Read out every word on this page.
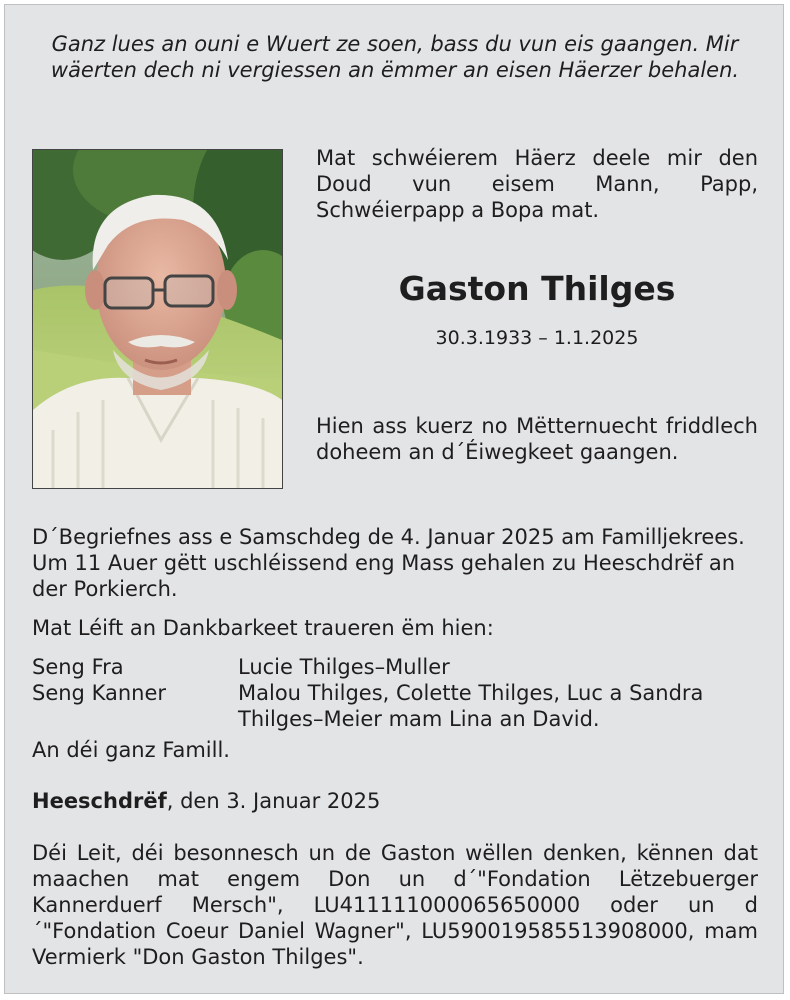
Ganz lues an ouni e Wuert ze soen, bass du vun eis gaangen. Mir wäerten dech ni vergiessen an ëmmer an eisen Häerzer behalen.
Mat schwéierem Häerz deele mir den Doud vun eisem Mann, Papp, Schwéierpapp a Bopa mat.
Gaston Thilges
30.3.1933 – 1.1.2025
Hien ass kuerz no Mëtternuecht friddlech doheem an d´Éiwegkeet gaangen.
D´Begriefnes ass e Samschdeg de 4. Januar 2025 am Familljekrees. Um 11 Auer gëtt uschléissend eng Mass gehalen zu Heeschdrëf an der Porkierch.
Mat Léift an Dankbarkeet traueren ëm hien:
Seng Fra	Lucie Thilges–Muller
Seng Kanner	Malou Thilges, Colette Thilges, Luc a Sandra Thilges–Meier mam Lina an David.
An déi ganz Famill.
Heeschdrëf, den 3. Januar 2025
Déi Leit, déi besonnesch un de Gaston wëllen denken, kënnen dat maachen mat engem Don un d´"Fondation Lëtzebuerger Kannerduerf Mersch", LU411111000065650000 oder un d´"Fondation Coeur Daniel Wagner", LU590019585513908000, mam Vermierk "Don Gaston Thilges".
